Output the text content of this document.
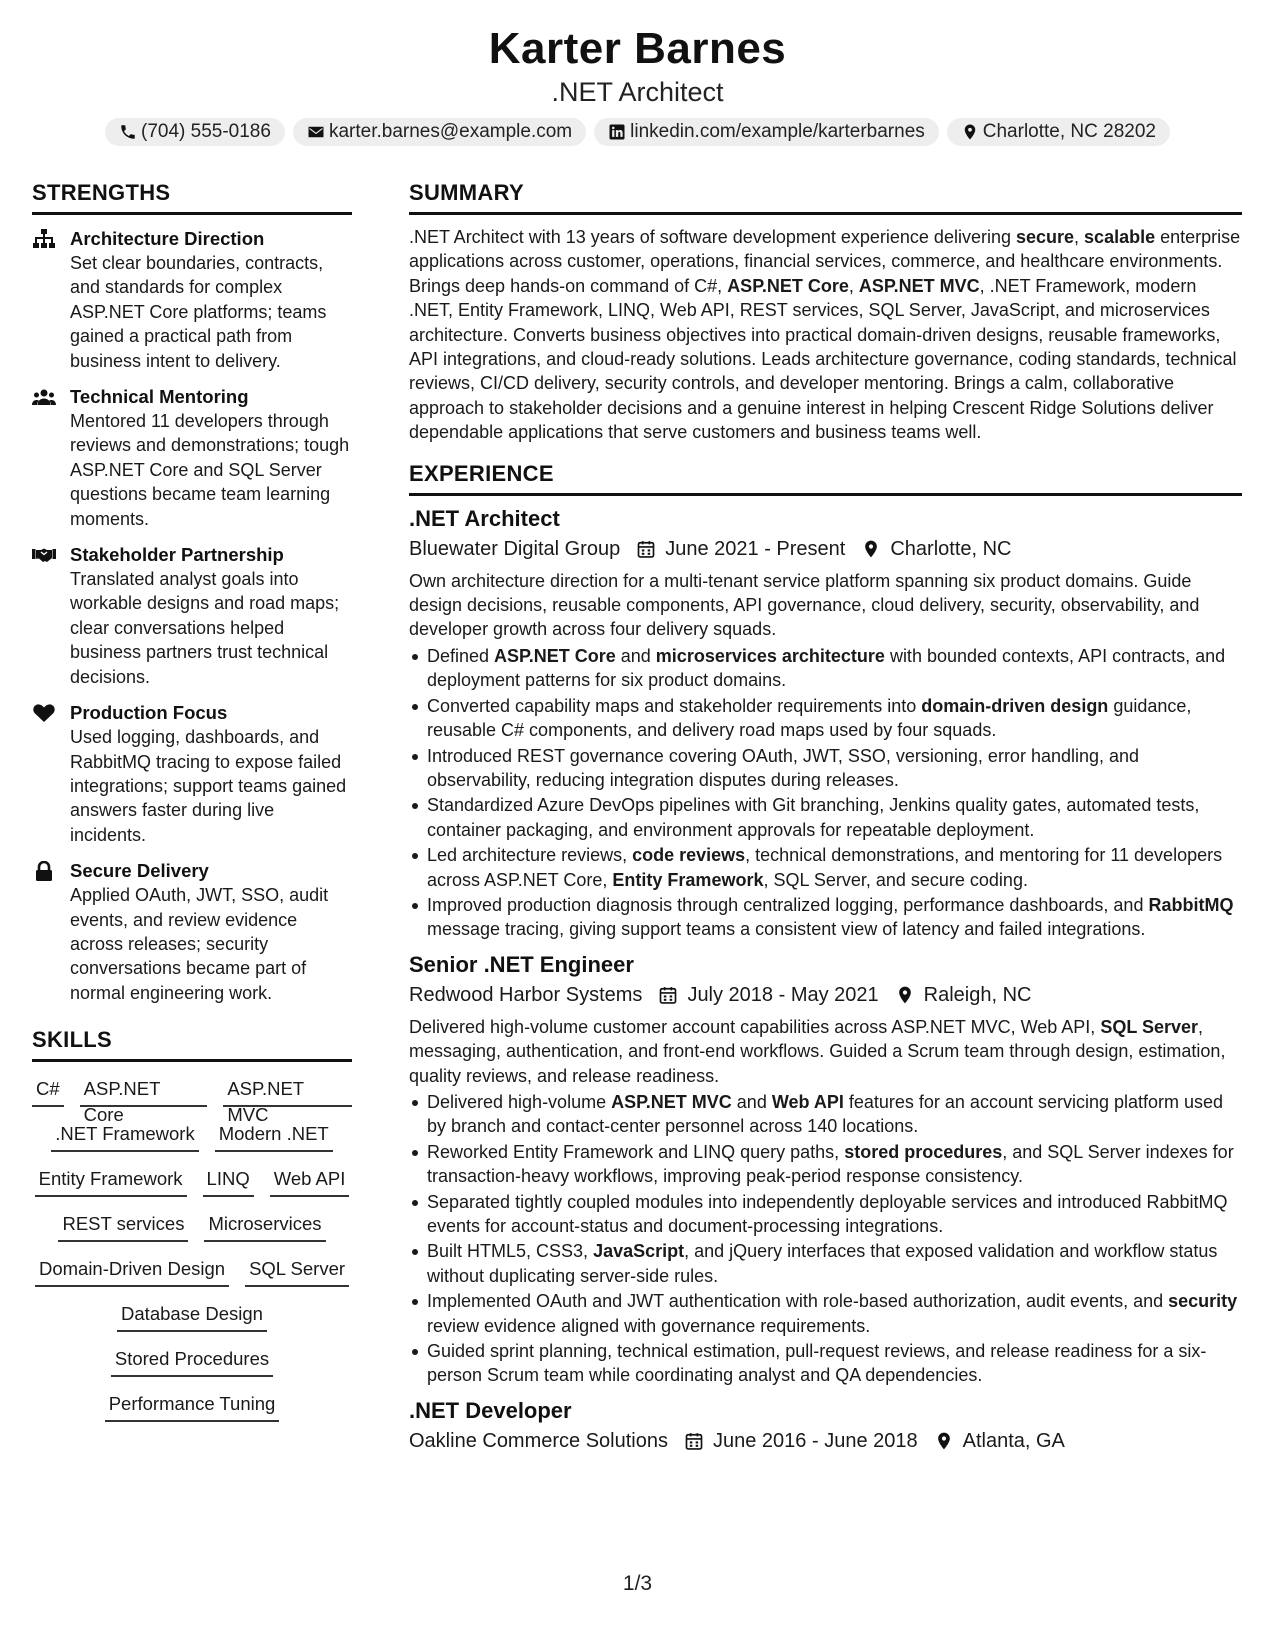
Karter Barnes
.NET Architect
(704) 555-0186	karter.barnes@example.com	linkedin.com/example/karterbarnes	Charlotte, NC 28202
STRENGTHS
Architecture Direction
Set clear boundaries, contracts, and standards for complex ASP.NET Core platforms; teams gained a practical path from business intent to delivery.
Technical Mentoring
Mentored 11 developers through reviews and demonstrations; tough ASP.NET Core and SQL Server questions became team learning moments.
Stakeholder Partnership
Translated analyst goals into workable designs and road maps; clear conversations helped business partners trust technical decisions.
Production Focus
Used logging, dashboards, and RabbitMQ tracing to expose failed integrations; support teams gained answers faster during live incidents.
Secure Delivery
Applied OAuth, JWT, SSO, audit events, and review evidence across releases; security conversations became part of normal engineering work.
SKILLS
C# ASP.NET Core
ASP.NET MVC
.NET Framework Modern .NET
Entity Framework LINQ Web API
REST services Microservices
Domain-Driven Design SQL Server
Database Design
Stored Procedures
Performance Tuning
SUMMARY

.NET Architect with 13 years of software development experience delivering secure, scalable enterprise applications across customer, operations, financial services, commerce, and healthcare environments. Brings deep hands-on command of C#, ASP.NET Core, ASP.NET MVC, .NET Framework, modern .NET, Entity Framework, LINQ, Web API, REST services, SQL Server, JavaScript, and microservices architecture. Converts business objectives into practical domain-driven designs, reusable frameworks, API integrations, and cloud-ready solutions. Leads architecture governance, coding standards, technical reviews, CI/CD delivery, security controls, and developer mentoring. Brings a calm, collaborative approach to stakeholder decisions and a genuine interest in helping Crescent Ridge Solutions deliver dependable applications that serve customers and business teams well.

EXPERIENCE
.NET Architect
Bluewater Digital Group June 2021 - Present Charlotte, NC

Own architecture direction for a multi-tenant service platform spanning six product domains. Guide design decisions, reusable components, API governance, cloud delivery, security, observability, and developer growth across four delivery squads.

Defined ASP.NET Core and microservices architecture with bounded contexts, API contracts, and deployment patterns for six product domains.
Converted capability maps and stakeholder requirements into domain-driven design guidance, reusable C# components, and delivery road maps used by four squads.
Introduced REST governance covering OAuth, JWT, SSO, versioning, error handling, and observability, reducing integration disputes during releases.
Standardized Azure DevOps pipelines with Git branching, Jenkins quality gates, automated tests, container packaging, and environment approvals for repeatable deployment.
Led architecture reviews, code reviews, technical demonstrations, and mentoring for 11 developers across ASP.NET Core, Entity Framework, SQL Server, and secure coding.
Improved production diagnosis through centralized logging, performance dashboards, and RabbitMQ message tracing, giving support teams a consistent view of latency and failed integrations.
Senior .NET Engineer
Redwood Harbor Systems July 2018 - May 2021 Raleigh, NC

Delivered high-volume customer account capabilities across ASP.NET MVC, Web API, SQL Server, messaging, authentication, and front-end workflows. Guided a Scrum team through design, estimation, quality reviews, and release readiness.

Delivered high-volume ASP.NET MVC and Web API features for an account servicing platform used by branch and contact-center personnel across 140 locations.
Reworked Entity Framework and LINQ query paths, stored procedures, and SQL Server indexes for transaction-heavy workflows, improving peak-period response consistency.
Separated tightly coupled modules into independently deployable services and introduced RabbitMQ events for account-status and document-processing integrations.
Built HTML5, CSS3, JavaScript, and jQuery interfaces that exposed validation and workflow status without duplicating server-side rules.
Implemented OAuth and JWT authentication with role-based authorization, audit events, and security review evidence aligned with governance requirements.
Guided sprint planning, technical estimation, pull-request reviews, and release readiness for a six-person Scrum team while coordinating analyst and QA dependencies.
.NET Developer
Oakline Commerce Solutions June 2016 - June 2018 Atlanta, GA
1/3
